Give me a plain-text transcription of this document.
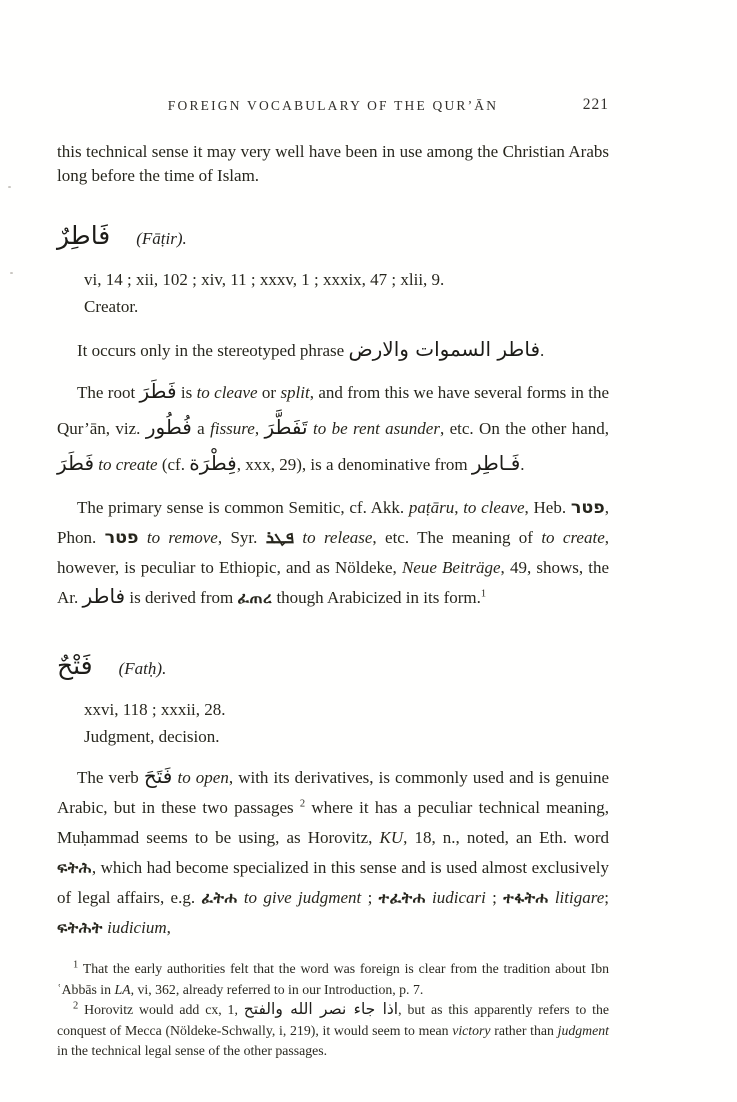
FOREIGN VOCABULARY OF THE QUR’ĀN	221

this technical sense it may very well have been in use among the Christian Arabs long before the time of Islam.

فَاطِرٌ (Fāṭir).

vi, 14 ; xii, 102 ; xiv, 11 ; xxxv, 1 ; xxxix, 47 ; xlii, 9.

Creator.

It occurs only in the stereotyped phrase فاطر السموات والارض.

The root فَطَرَ is to cleave or split, and from this we have several forms in the Qur’ān, viz. فُطُور a fissure, تَفَطَّرَ to be rent asunder, etc. On the other hand, فَطَرَ to create (cf. فِطْرَة, xxx, 29), is a denominative from فَـاطِر.

The primary sense is common Semitic, cf. Akk. paṭāru, to cleave, Heb. פטר, Phon. פטר to remove, Syr. ܦܛܪ to release, etc. The meaning of to create, however, is peculiar to Ethiopic, and as Nöldeke, Neue Beiträge, 49, shows, the Ar. فاطر is derived from ፈጠረ though Arabicized in its form.$^1$

فَتْحٌ (Fatḥ).

xxvi, 118 ; xxxii, 28.

Judgment, decision.

The verb فَتَحَ to open, with its derivatives, is commonly used and is genuine Arabic, but in these two passages $^2$ where it has a peculiar technical meaning, Muḥammad seems to be using, as Horovitz, KU, 18, n., noted, an Eth. word ፍትሕ, which had become specialized in this sense and is used almost exclusively of legal affairs, e.g. ፈትሐ to give judgment ; ተፈትሐ iudicari ; ተፋትሐ litigare; ፍትሕት iudicium,

$^1$ That the early authorities felt that the word was foreign is clear from the tradition about Ibn ʿAbbās in LA, vi, 362, already referred to in our Introduction, p. 7.

$^2$ Horovitz would add cx, 1, اذا جاء نصر الله والفتح, but as this apparently refers to the conquest of Mecca (Nöldeke-Schwally, i, 219), it would seem to mean victory rather than judgment in the technical legal sense of the other passages.
